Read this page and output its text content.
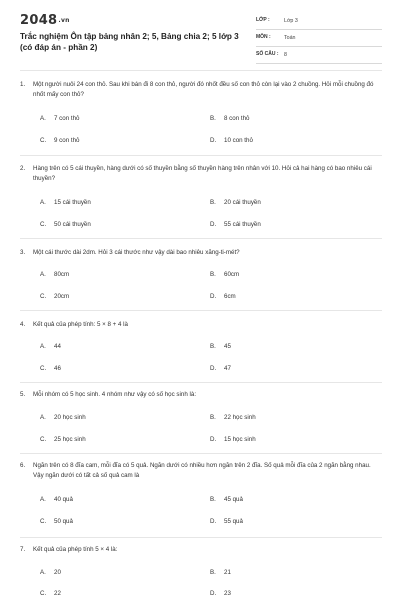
2048.vn
Trắc nghiệm Ôn tập bảng nhân 2; 5, Bảng chia 2; 5 lớp 3 (có đáp án - phần 2)
LỚP :	Lớp 3
MÔN :	Toán
SỐ CÂU : 8
1. Một người nuôi 24 con thỏ. Sau khi bán đi 8 con thỏ, người đó nhốt đều số con thỏ còn lại vào 2 chuồng. Hỏi mỗi chuồng đó nhốt mấy con thỏ?
A. 7 con thỏ	B. 8 con thỏ
C. 9 con thỏ	D. 10 con thỏ
2. Hàng trên có 5 cái thuyền, hàng dưới có số thuyền bằng số thuyền hàng trên nhân với 10. Hỏi cả hai hàng có bao nhiêu cái thuyền?
A. 15 cái thuyền	B. 20 cái thuyền
C. 50 cái thuyền	D. 55 cái thuyền
3. Một cái thước dài 2dm. Hỏi 3 cái thước như vậy dài bao nhiêu xăng-ti-mét?
A. 80cm	B. 60cm
C. 20cm	D. 6cm
4. Kết quả của phép tính: 5 × 8 + 4 là
A. 44	B. 45
C. 46	D. 47
5. Mỗi nhóm có 5 học sinh. 4 nhóm như vậy có số học sinh là:
A. 20 học sinh	B. 22 học sinh
C. 25 học sinh	D. 15 học sinh
6. Ngăn trên có 8 đĩa cam, mỗi đĩa có 5 quả. Ngăn dưới có nhiều hơn ngăn trên 2 đĩa. Số quả mỗi đĩa của 2 ngăn bằng nhau. Vậy ngăn dưới có tất cả số quả cam là
A. 40 quả	B. 45 quả
C. 50 quả	D. 55 quả
7. Kết quả của phép tính 5 × 4 là:
A. 20	B. 21
C. 22	D. 23
